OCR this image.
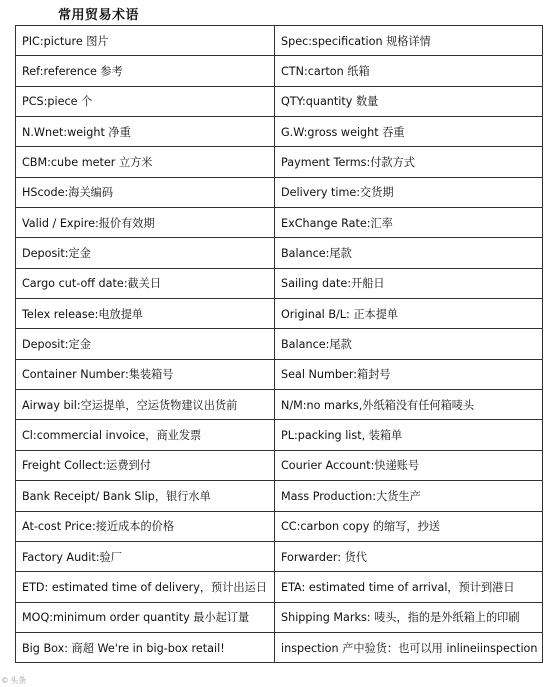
常用贸易术语
PIC:picture 图片	Spec:specification 规格详情
Ref:reference 参考	CTN:carton 纸箱
PCS:piece 个	QTY:quantity 数量
N.Wnet:weight 净重	G.W:gross weight 吞重
CBM:cube meter 立方米	Payment Terms:付款方式
HScode:海关编码	Delivery time:交货期
Valid / Expire:报价有效期	ExChange Rate:汇率
Deposit:定金	Balance:尾款
Cargo cut-off date:截关日	Sailing date:开船日
Telex release:电放提单	Original B/L: 正本提单
Deposit:定金	Balance:尾款
Container Number:集装箱号	Seal Number:箱封号
Airway bil:空运提单，空运货物建议出货前	N/M:no marks,外纸箱没有任何箱唛头
Cl:commercial invoice，商业发票	PL:packing list, 装箱单
Freight Collect:运费到付	Courier Account:快递账号
Bank Receipt/ Bank Slip，银行水单	Mass Production:大货生产
At-cost Price:接近成本的价格	CC:carbon copy 的缩写，抄送
Factory Audit:验厂	Forwarder: 货代
ETD: estimated time of delivery，预计出运日	ETA: estimated time of arrival，预计到港日
MOQ:minimum order quantity 最小起订量	Shipping Marks: 唛头，指的是外纸箱上的印刷
Big Box: 商超 We're in big-box retail!	inspection 产中验货：也可以用 inlineiinspection
© 头条
